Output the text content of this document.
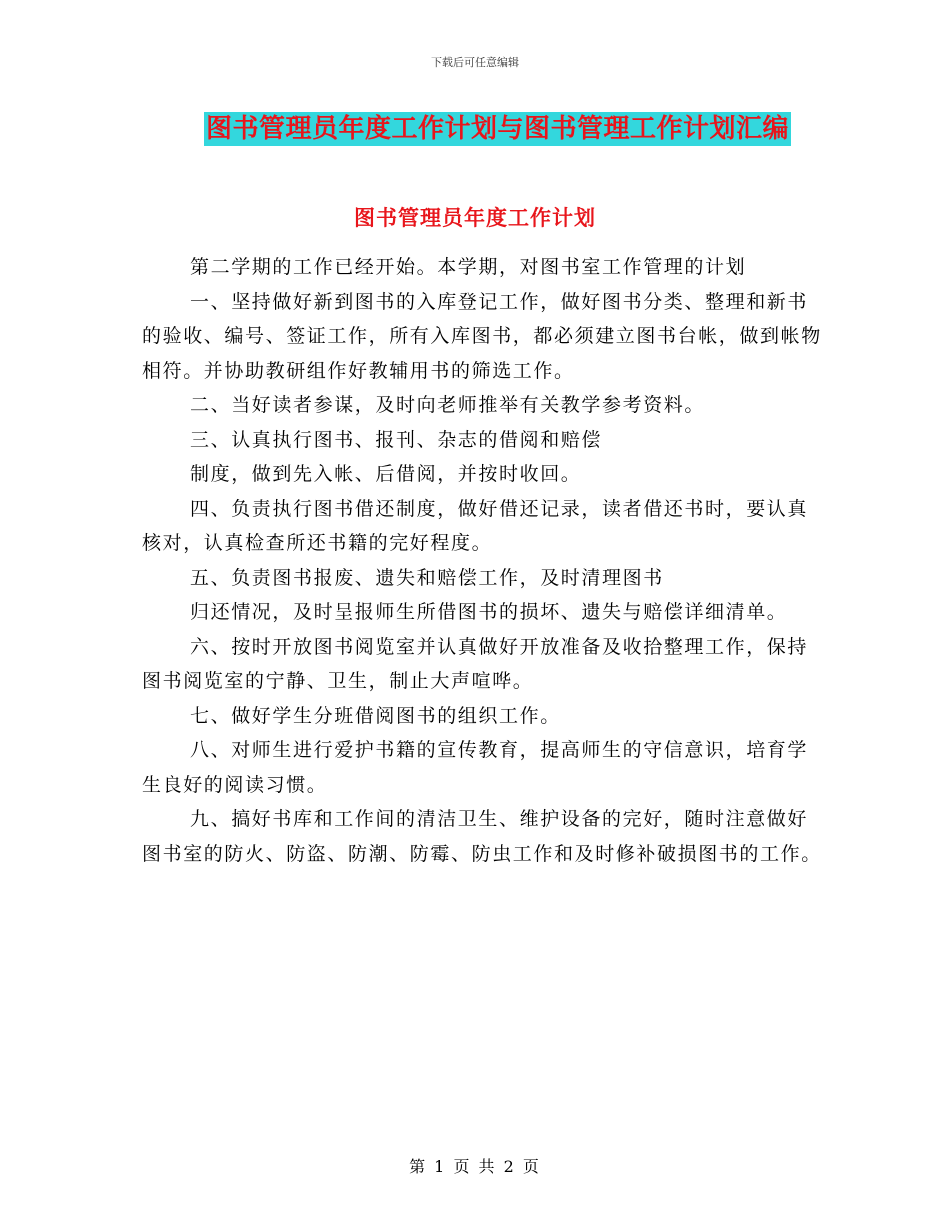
下载后可任意编辑
图书管理员年度工作计划与图书管理工作计划汇编
图书管理员年度工作计划

第二学期的工作已经开始。本学期，对图书室工作管理的计划

一、坚持做好新到图书的入库登记工作，做好图书分类、整理和新书的验收、编号、签证工作，所有入库图书，都必须建立图书台帐，做到帐物相符。并协助教研组作好教辅用书的筛选工作。

二、当好读者参谋，及时向老师推举有关教学参考资料。

三、认真执行图书、报刊、杂志的借阅和赔偿

制度，做到先入帐、后借阅，并按时收回。

四、负责执行图书借还制度，做好借还记录，读者借还书时，要认真核对，认真检查所还书籍的完好程度。

五、负责图书报废、遗失和赔偿工作，及时清理图书

归还情况，及时呈报师生所借图书的损坏、遗失与赔偿详细清单。

六、按时开放图书阅览室并认真做好开放准备及收拾整理工作，保持图书阅览室的宁静、卫生，制止大声喧哗。

七、做好学生分班借阅图书的组织工作。

八、对师生进行爱护书籍的宣传教育，提高师生的守信意识，培育学生良好的阅读习惯。

九、搞好书库和工作间的清洁卫生、维护设备的完好，随时注意做好图书室的防火、防盗、防潮、防霉、防虫工作和及时修补破损图书的工作。

第 1 页 共 2 页
